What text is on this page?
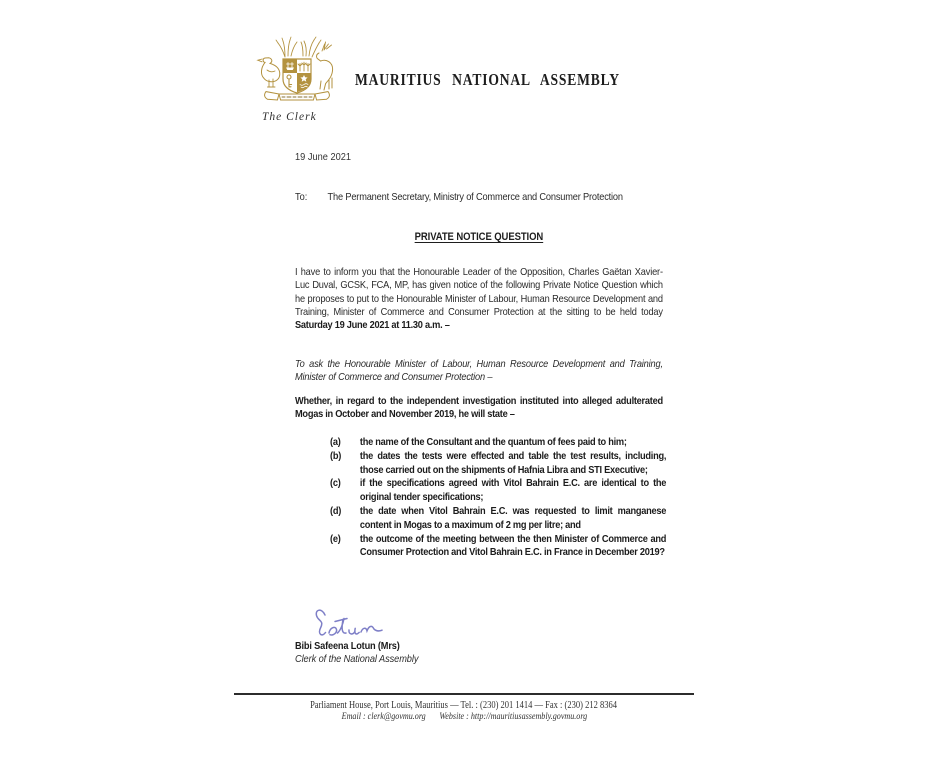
MAURITIUS NATIONAL ASSEMBLY
The Clerk
19 June 2021
To:	The Permanent Secretary, Ministry of Commerce and Consumer Protection
PRIVATE NOTICE QUESTION

I have to inform you that the Honourable Leader of the Opposition, Charles Gaëtan Xavier-Luc Duval, GCSK, FCA, MP, has given notice of the following Private Notice Question which he proposes to put to the Honourable Minister of Labour, Human Resource Development and Training, Minister of Commerce and Consumer Protection at the sitting to be held today Saturday 19 June 2021 at 11.30 a.m. –

To ask the Honourable Minister of Labour, Human Resource Development and Training, Minister of Commerce and Consumer Protection –

Whether, in regard to the independent investigation instituted into alleged adulterated Mogas in October and November 2019, he will state –

(a)	the name of the Consultant and the quantum of fees paid to him;
(b)	the dates the tests were effected and table the test results, including, those carried out on the shipments of Hafnia Libra and STI Executive;
(c)	if the specifications agreed with Vitol Bahrain E.C. are identical to the original tender specifications;
(d)	the date when Vitol Bahrain E.C. was requested to limit manganese content in Mogas to a maximum of 2 mg per litre; and
(e)	the outcome of the meeting between the then Minister of Commerce and Consumer Protection and Vitol Bahrain E.C. in France in December 2019?
Bibi Safeena Lotun (Mrs)
Clerk of the National Assembly
Parliament House, Port Louis, Mauritius — Tel. : (230) 201 1414 — Fax : (230) 212 8364
Email : clerk@govmu.org Website : http://mauritiusassembly.govmu.org
